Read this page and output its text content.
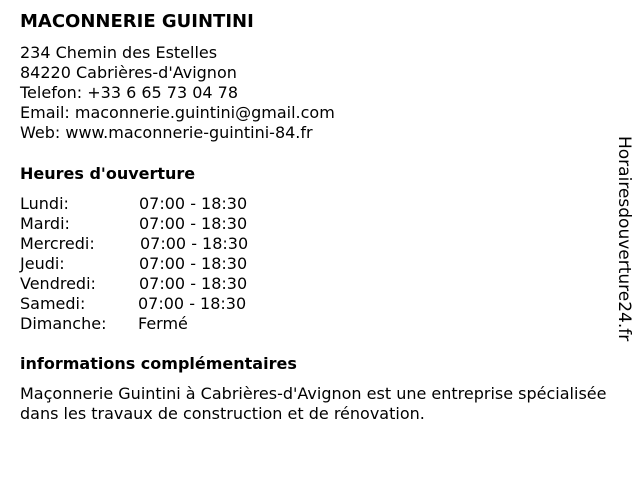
MACONNERIE GUINTINI
234 Chemin des Estelles
84220 Cabrières-d'Avignon
Telefon: +33 6 65 73 04 78
Email: maconnerie.guintini@gmail.com
Web: www.maconnerie-guintini-84.fr
Heures d'ouverture
Lundi:	07:00 - 18:30
Mardi:	07:00 - 18:30
Mercredi:	07:00 - 18:30
Jeudi:	07:00 - 18:30
Vendredi:	07:00 - 18:30
Samedi:	07:00 - 18:30
Dimanche: Fermé
informations complémentaires
Maçonnerie Guintini à Cabrières-d'Avignon est une entreprise spécialisée dans les travaux de construction et de rénovation.
Horairesdouverture24.fr
